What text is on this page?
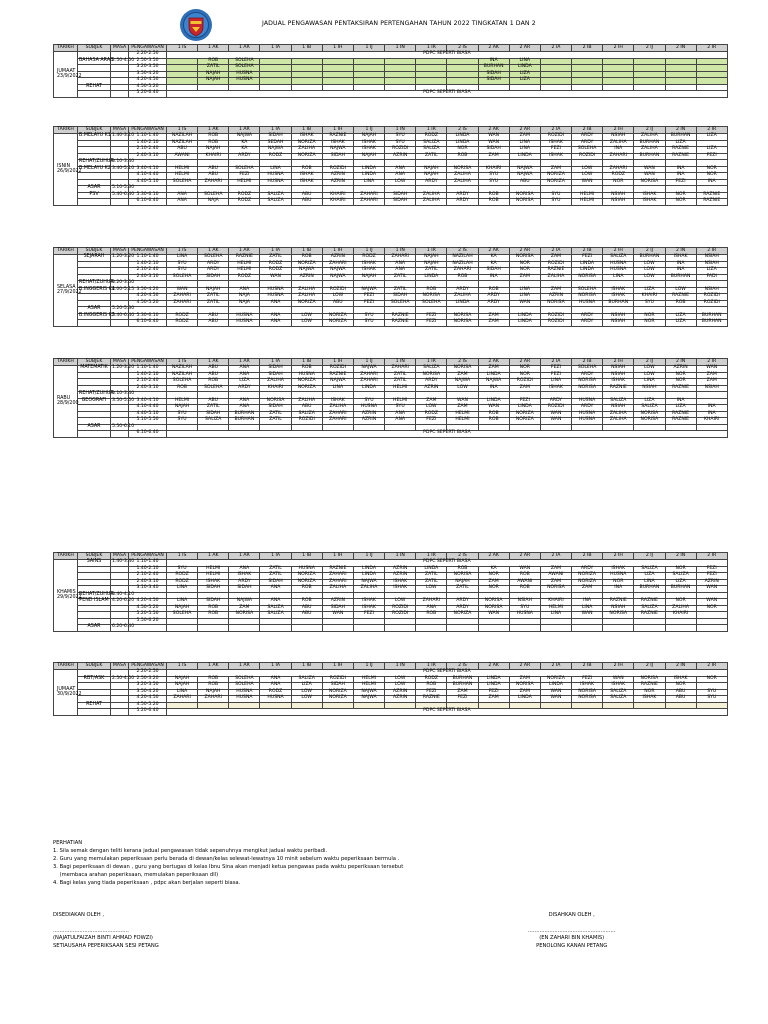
JADUAL PENGAWASAN PENTAKSIRAN PERTENGAHAN TAHUN 2022 TINGKATAN 1 DAN 2
TARIKH	SUBJEK	MASA	PENGAWASAN	1 IS	1 AK	1 AR	1 IA	1 IB	1 IH	1 IJ	1 IN	1 IR	2 IS	2 AK	2 AR	2 IA	2 IB	2 IH	2 IJ	2 IN	2 IR
JUMAAT
23/9/2022			2.20-2.50	PDPC SEPERTI BIASA																	
	BAHASA ARAB	2.50-4.50	2.50-3.50		ROB	SOLEHA								INA	LINA						
			3.20-3.50		ZATIL	SOLEHA								BURHAN	LINDA						
			3.50-4.20		NAJAH	HUSNA								SIDAH	LIZA						
			4.20-4.50		NAJAH	HUSNA								SIDAH	LIZA						
	REHAT		4.50-5.20																		
			5.20-6.40	PDPC SEPERTI BIASA																	
TARIKH	SUBJEK	MASA	PENGAWASAN	1 IS	1 AK	1 AR	1 IA	1 IB	1 IH	1 IJ	1 IN	1 IR	2 IS	2 AK	2 AR	2 IA	2 IB	2 IH	2 IJ	2 IN	2 IR
ISNIN
26/9/2022	B.MELAYU K1	1.40-3.10	1.10-1.40	NAZILAH	ROB	NAJWA	SIDAH	ISHAK	RAZNIE	NAJAH	SYU	RODZ	LINDA	WAN	ZAM	ROZIDI	ARDY	NSIAH	ZALIHA	BURHAN	LIZA
			1.40-2.10	NAZILAH	ROB	KA	SEDAH	NORIZA	ISHAK	ISHAK	SYU	SALIZA	LINDA	WAN	LINA	ISHAK	ARDY	ZALIHA	BURHAN	LIZA	
			2.10-2.40	ABU	NAJAH	KA	NAJWA	ZALIHA	NAJWA	ISHAK	ROZIDI	SALIZA	NOR	SIDAH	LINA	FEZI	SOLEHA	INA	ZALIHA	RAZNIE	LIZA
			2.40-3.10	AWANI	KHAIRI	ARDY	RODZ	NORIZA	SIDAH	NAJAH	AZRIN	ZATIL	ROB	ZAM	LINDA	ISHAK	ROZIDI	ZAHARI	BURHAN	RAZNIE	FEZI
	REHAT/ZUHUR	3.10-3.40																			
	B.MELAYU K2	3.40-5.10	3.40-4.10	HELMI	ABU	SOLEHA	LINA	ROB	ROZIDI	LINDA	ANA	NAJAH	NORISA	KHAIRI	NAJWA	ZAM	LOW	ZAHARI	WAN	INA	NOR
			4.10-4.40	HELMI	ABU	FEZI	HUSNA	ISHAK	AZRIN	LINDA	ANA	NAJAH	ZALIHA	SYU	NAJWA	NORIZA	LOW	RODZ	WAN	INA	NOR
			4.40-5.10	SOLEHA	ZAHARI	HELMI	HUSNA	ISHAK	AZRIN	LINA	LOW	ARDY	ZALIHA	SYU	ABU	NORIZA	WAN	NOR	NORISA	FEZI	INA
	ASAR	5.10-5.30																			
	PSV	5.40-6.40	5.30-6.10	ANA	SOLEHA	RODZ	SALIZA	ABU	KHAIRI	ZAHARI	SIDAH	ZALIHA	ARDY	ROB	NORISA	SYU	HELMI	NSIAH	ISHAK	NOR	RAZNIE
			6.10-6.40	ANA	NAJA	RODZ	SALIZA	ABU	KHAIRI	ZAHARI	SIDAH	ZALIHA	ARDY	ROB	NORISA	SYU	HELMI	NSIAH	ISHAK	NOR	RAZNIE
TARIKH	SUBJEK	MASA	PENGAWASAN	1 IS	1 AK	1 AR	1 IA	1 IB	1 IH	1 IJ	1 IN	1 IR	2 IS	2 AK	2 AR	2 IA	2 IB	2 IH	2 IJ	2 IN	2 IR
SELASA
27/9/2022	SEJARAH	1.20-3.20	1.10-1.40	LINA	SOLEHA	RAZNIE	ZATIL	ROB	AZRIN	RODZ	ZAHARI	NAJAH	NAZILAH	KA	NORISA	ZAM	FEZI	SALIZA	BURHAN	ISHAK	NSIAH
			1.40-2.10	SYU	ARDY	HELMI	RODZ	NORIZA	ZAHARI	ISHAK	ANA	NAJAH	NAZILAH	KA	NOR	ROZIDI	LINDA	HUSNA	LOW	INA	NSIAH
			2.10-2.40	SYU	ARDY	HELMI	RODZ	NAJWA	NAJWA	ISHAK	ANA	ZATIL	ZAHARI	SIDAH	NOR	RAZNIE	LINDA	HUSNA	LOW	INA	LIZA
			2.40-3.10	SOLEHA	SIDAH	RODZ	WAN	AZRIN	NAJWA	NAJAH	ZATIL	LINDA	ROB	INA	ZAM	ZALIHA	NORISA	LINA	LOW	BURHAN	FADI
	REHAT/ZUHUR	3.20-3.50																			
	B.INGGERIS K1	4.00-5.15	3.50-4.20	WAN	NAJAH	ANA	HUSNA	ZALIHA	ROZIDI	NAJWA	ZATIL	ROB	ARDY	ROB	LINA	ZAM	SOLEHA	ISHAK	LIZA	LOW	NSIAH
			4.20-4.50	ZAHARI	ZATIL	NAJA	HUSNA	ZALIHA	LOW	FEZI	SIDAH	NORISA	ZALIHA	ARDY	LINA	AZRIN	NORISA	ISHAK	KHAIRI	RAZNIE	ROZIDI
			4.50-5.20	ZAHARI	ZATIL	NAJA	ANA	NORIZA	ABU	FEZI	SOLEHA	SOLEHA	LINDA	ARDY	WAN	NORISA	HUSNA	BURHAN	SYU	ROB	ROZIDI
	ASAR	5.20-5.30																			
	B.INGGERIS K2	5.40-6.40	5.30-6.10	RODZ	ABU	HUSNA	ANA	LOW	NORIZA	SYU	RAZNIE	FEZI	NORISA	ZAM	LINDA	ROZIDI	ARDY	NSIAH	NOR	LIZA	BURHAN
			6.10-6.40	RODZ	ABU	HUSNA	ANA	LOW	NORIZA	SYU	RAZNIE	FEZI	NORISA	ZAM	LINDA	ROZIDI	ARDY	NSIAH	NOR	LIZA	BURHAN
TARIKH	SUBJEK	MASA	PENGAWASAN	1 IS	1 AK	1 AR	1 IA	1 IB	1 IH	1 IJ	1 IN	1 IR	2 IS	2 AK	2 AR	2 IA	2 IB	2 IH	2 IJ	2 IN	2 IR
RABU
28/9/200	MATEMATIK	1.20-3.20	1.10-1.40	NAZILAH	ABU	ANA	SIDAH	ROB	ROZIDI	NAJWA	ZAHARI	SALIZA	NORISA	ZAM	NOR	FEZI	SOLEHA	NSIAH	LOW	AZRIN	WAN
			1.40-2.10	NAZILAH	ABU	ANA	SIDAH	HUSNA	RAZNIE	ZAHARI	ZATIL	NORISA	ZAM	LINDA	NOR	FEZI	ARDY	NSIAH	LOW	NOR	ZAM
			2.10-2.40	SOLEHA	ROB	LIZA	ZALIHA	NORIZA	NAJWA	ZAHARI	ZATIL	ARDY	NAJWA	NAJWA	ROZIDI	LINA	NORISA	ISHAK	LINA	NOR	ZAM
			2.40-3.10	ROB	SOLEHA	ARDY	KHAIRI	NORIZA	LINA	LINDA	HELMI	AZRIN	LOW	INA	ZAM	ISHAK	NORISA	RAZNIE	NSIAH	RAZNIE	NSIAH
	REHAT/ZUHUR	3.10-3.40																			
	GEOGRAFI	3.50-5.50	3.40-4.10	HELMI	ABU	ANA	NORISA	ZALIHA	ISHAK	SYU	HELMI	ZAM	WAN	LINDA	FEZI	ARDY	HUSNA	SALIZA	LIZA	INA	
			4.10-4.40	NAJAH	ZATIL	ANA	SIDAH	ABU	ZALIHA	HUSNA	SYU	LOW	ZAM	WAN	LINDA	ROZIDI	ARDY	NSIAH	SALIZA	LIZA	INA
			4.40-5.10	SYU	SIDAH	BURHAN	ZATIL	SALIZA	ZAHARI	AZRIN	ANA	RODZ	HELMI	ROB	NORIZA	WAN	HUSNA	ZALIHA	NORISA	RAZNIE	INA
			5.10-5.50	SYU	SALIZA	BURHAN	ZATIL	ROZIDI	ZAHARI	AZRIN	ANA	FEZI	HELMI	ROB	NORIZA	WAN	HUSNA	ZALIHA	NORISA	RAZNIE	KHAIRI
	ASAR	5.50-6.10																			
			6.10-6.40	PDPC SEPERTI BIASA																	
TARIKH	SUBJEK	MASA	PENGAWASAN	1 IS	1 AK	1 AR	1 IA	1 IB	1 IH	1 IJ	1 IN	1 IR	2 IS	2 AK	2 AR	2 IA	2 IB	2 IH	2 IJ	2 IN	2 IR
KHAMIS
29/9/2022	SAINS	1.40-3.40	1.10-1.40	PDPC SEPERTI BIASA																	
			1.40-2.10	SYU	HELMI	ANA	ZATIL	HUSNA	RAZNIE	LINDA	AZRIN	LINDA	ROB	KA	WAN	ZAM	ARDY	ISHAK	SALIZA	NOR	FEZI
			2.10-2.40	RODZ	HELMI	ISHAK	ZATIL	NORIZA	ZAHARI	LINDA	AZRIN	ZATIL	NORISA	NOR	ROB	AWANI	NORIZA	HUSNA	LIZA	SALIZA	FEZI
			2.40-3.10	RODZ	ISHAK	ARDY	SIDAH	NORIZA	ZAHARI	NAJWA	ISHAK	ZATIL	NAJAH	ZAM	AWANI	ZAM	NORIZA	NOR	LINA	LIZA	AZRIN
			3.10-3.40	LINA	SIDAH	SIDAH	ANA	ROB	ZALIHA	ZALIHA	ISHAK	LOW	ZATIL	NOR	ROB	NORISA	ZAM	INA	BURHAN	BURHAN	WAN
	REHAT/ZUHUR	3.40-4.10																			
	PEND ISLAM	4.20-6.20	4.20-4.50	LINA	SIDAH	NAJWA	ANA	ROB	AZRIN	ISHAK	LOW	ZAHARI	ARDY	NORISA	NSIAH	KHAIRI	INA	RAZNIE	RAZNIE	NOR	WAN
			4.50-5.20	NAJAH	ROB	ZAM	SALIZA	ABU	SIDAH	ISHAK	ROZIDI	ANA	ARDY	NORISA	SYU	HELMI	LINA	NSIAH	SALIZA	ZALIHA	NOR
			5.20-5.50	SOLEHA	ROB	NORISA	SALIZA	ABU	WAN	FEZI	ROZIDI	ROB	NORIZA	WAN	HUSNA	LINA	WAN	NORISA	RAZNIE	KHAIRI	
			5.50-6.20																		
	ASAR	6.20-6.40																			
TARIKH	SUBJEK	MASA	PENGAWASAN	1 IS	1 AK	1 AR	1 IA	1 IB	1 IH	1 IJ	1 IN	1 IR	2 IS	2 AK	2 AR	2 IA	2 IB	2 IH	2 IJ	2 IN	2 IR
JUMAAT
30/9/2022			2.20-2.50	PDPC SEPERTI BIASA																	
	RBT/ASK	2.50-4.50	2.50-3.20	NAJAH	ROB	SOLEHA	ANA	SALIZA	ROZIDI	HELMI	LOW	RODZ	BURHAN	LINDA	ZAM	NORIZA	FEZI	WAN	NORISA	ISHAK	NOR
			3.20-3.50	NAJAH	ROB	SOLEHA	ANA	LIZA	SIDAH	HELMI	LOW	ROB	BURHAN	LINDA	NORISA	LINDA	ISHAK	ISHAK	RAZNIE	NOR	
			3.50-4.20	LINA	NAJAH	HUSNA	RODZ	LOW	NORIZA	NAJWA	AZRIN	FEZI	ZAM	FEZI	ZAM	WAN	NORISA	SALIZA	NOR	ABU	SYU
			4.20-4.50	ZAHARI	ZAHARI	HUSNA	HUSNA	LOW	NORIZA	NAJWA	AZRIN	RAZNIE	FEZI	ZAM	LINDA	WAN	NORISA	SALIZA	ISHAK	ABU	SYU
	REHAT		4.50-5.20																		
			5.20-6.40	PDPC SEPERTI BIASA																	
PERHATIAN
1. Sila semak dengan teliti kerana jadual pengawasan tidak sepenuhnya mengikut jadual waktu peribadi.
2. Guru yang memulakan peperiksaan perlu berada di dewan/kelas selewat-lewatnya 10 minit sebelum waktu peperiksaan bermula .
3. Bagi peperiksaan di dewan , guru yang bertugas di kelas Ibnu Sina akan menjadi ketua pengawas pada waktu peperiksaan tersebut
(membaca arahan peperiksaan, memulakan peperiksaan dll)
4. Bagi kelas yang tiada peperiksaan , pdpc akan berjalan seperti biasa.
DISEDIAKAN OLEH ,
..............................................
(NAJATULFAIZAH BINTI AHMAD FOWZI)
SETIAUSAHA PEPERIKSAAN SESI PETANG
DISAHKAN OLEH ,
.....................................................
(EN ZAHARI BIN KHAMIS)
PENOLONG KANAN PETANG
